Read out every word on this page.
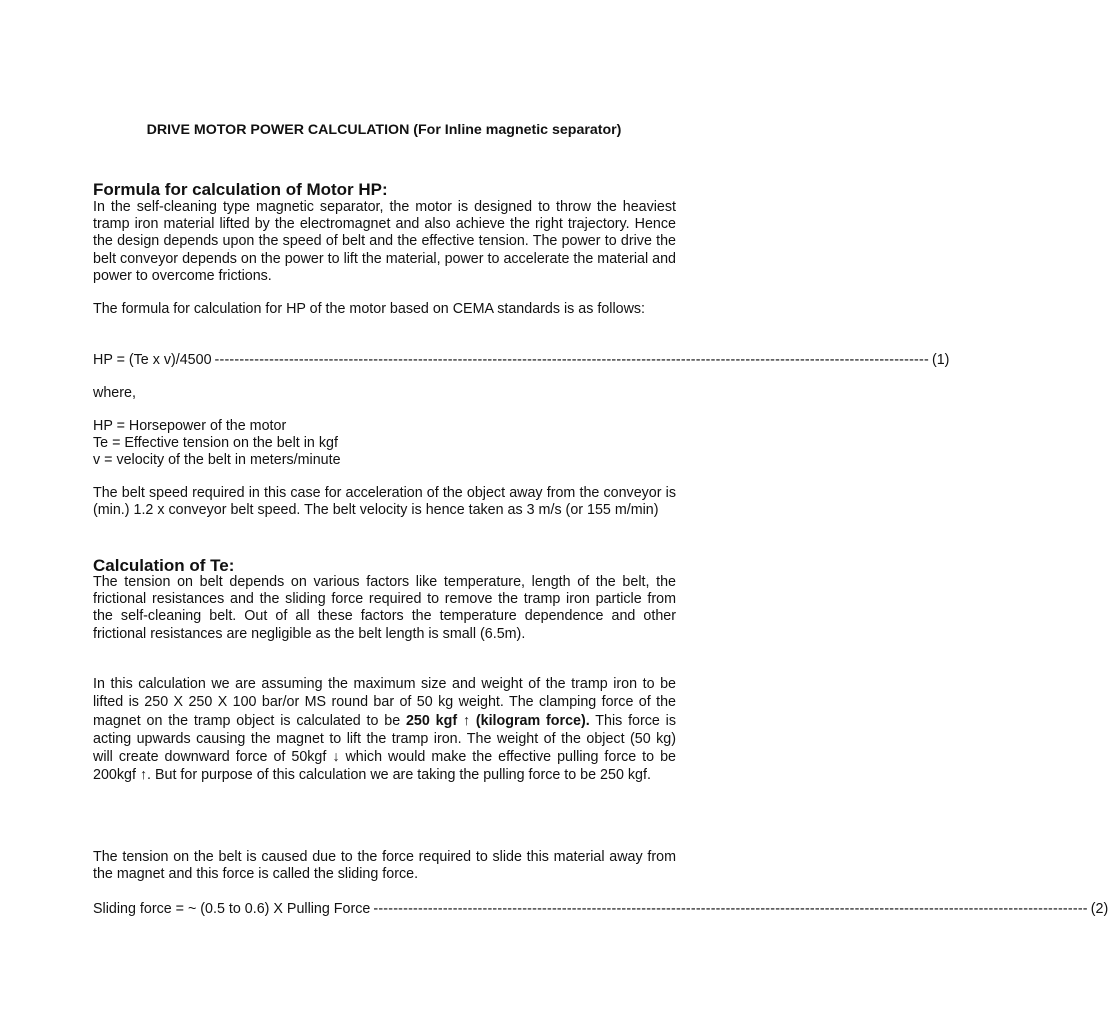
DRIVE MOTOR POWER CALCULATION (For Inline magnetic separator)
Formula for calculation of Motor HP:
In the self-cleaning type magnetic separator, the motor is designed to throw the heaviest tramp iron material lifted by the electromagnet and also achieve the right trajectory. Hence the design depends upon the speed of belt and the effective tension. The power to drive the belt conveyor depends on the power to lift the material, power to accelerate the material and power to overcome frictions.
The formula for calculation for HP of the motor based on CEMA standards is as follows:
HP = (Te x v)/4500 ------------------------------------------------------------------------------------------------------------------------------------------------ (1)
where,
HP = Horsepower of the motor
Te = Effective tension on the belt in kgf
v = velocity of the belt in meters/minute
The belt speed required in this case for acceleration of the object away from the conveyor is (min.) 1.2 x conveyor belt speed. The belt velocity is hence taken as 3 m/s (or 155 m/min)
Calculation of Te:
The tension on belt depends on various factors like temperature, length of the belt, the frictional resistances and the sliding force required to remove the tramp iron particle from the self-cleaning belt. Out of all these factors the temperature dependence and other frictional resistances are negligible as the belt length is small (6.5m).
In this calculation we are assuming the maximum size and weight of the tramp iron to be lifted is 250 X 250 X 100 bar/or MS round bar of 50 kg weight. The clamping force of the magnet on the tramp object is calculated to be 250 kgf ↑ (kilogram force). This force is acting upwards causing the magnet to lift the tramp iron. The weight of the object (50 kg) will create downward force of 50kgf ↓ which would make the effective pulling force to be 200kgf ↑. But for purpose of this calculation we are taking the pulling force to be 250 kgf.
The tension on the belt is caused due to the force required to slide this material away from the magnet and this force is called the sliding force.
Sliding force = ~ (0.5 to 0.6) X Pulling Force ------------------------------------------------------------------------------------------------------------------------------------------------ (2)
